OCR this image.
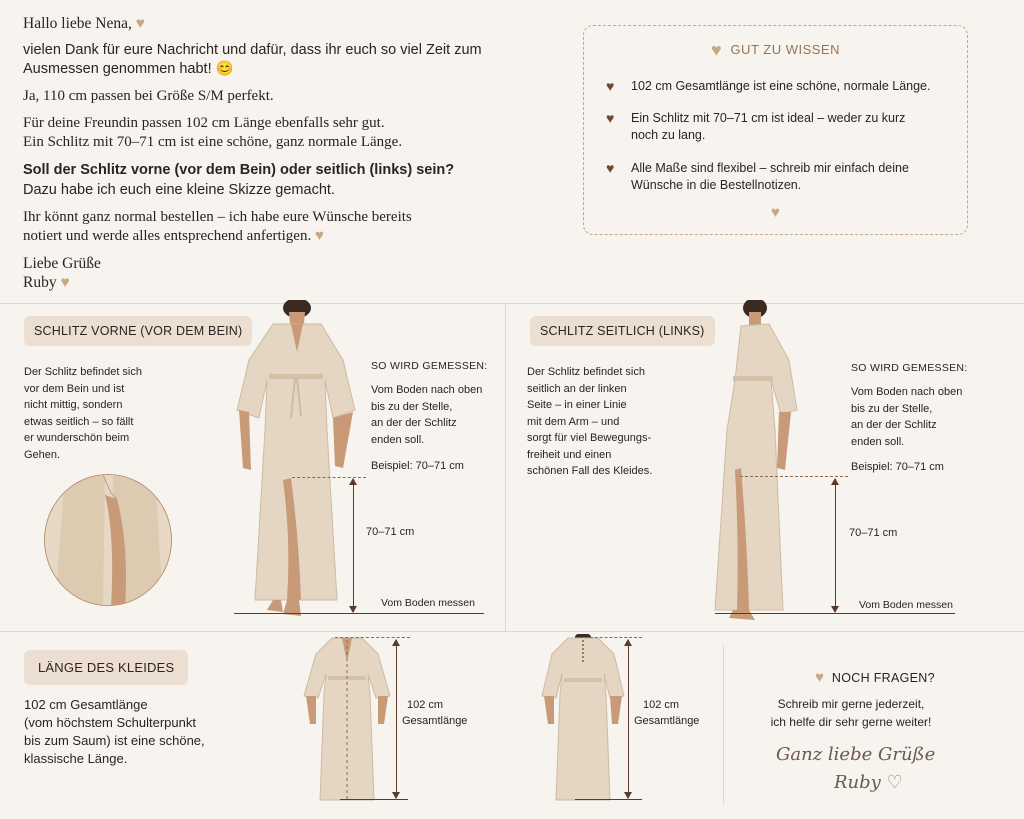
Hallo liebe Nena, ♥

vielen Dank für eure Nachricht und dafür, dass ihr euch so viel Zeit zum Ausmessen genommen habt! 😊

Ja, 110 cm passen bei Größe S/M perfekt.

Für deine Freundin passen 102 cm Länge ebenfalls sehr gut.
Ein Schlitz mit 70–71 cm ist eine schöne, ganz normale Länge.

Soll der Schlitz vorne (vor dem Bein) oder seitlich (links) sein?
Dazu habe ich euch eine kleine Skizze gemacht.

Ihr könnt ganz normal bestellen – ich habe eure Wünsche bereits notiert und werde alles entsprechend anfertigen. ♥

Liebe Grüße
Ruby ♥

♥ GUT ZU WISSEN
♥	102 cm Gesamtlänge ist eine schöne, normale Länge.
♥	Ein Schlitz mit 70–71 cm ist ideal – weder zu kurz noch zu lang.
♥	Alle Maße sind flexibel – schreib mir einfach deine Wünsche in die Bestellnotizen.
♥
SCHLITZ VORNE (VOR DEM BEIN)
Der Schlitz befindet sich
vor dem Bein und ist
nicht mittig, sondern
etwas seitlich – so fällt
er wunderschön beim
Gehen.
SO WIRD GEMESSEN:
Vom Boden nach oben
bis zu der Stelle,
an der der Schlitz
enden soll.
Beispiel: 70–71 cm
70–71 cm
Vom Boden messen
SCHLITZ SEITLICH (LINKS)
Der Schlitz befindet sich
seitlich an der linken
Seite – in einer Linie
mit dem Arm – und
sorgt für viel Bewegungs-
freiheit und einen
schönen Fall des Kleides.
SO WIRD GEMESSEN:
Vom Boden nach oben
bis zu der Stelle,
an der der Schlitz
enden soll.
Beispiel: 70–71 cm
70–71 cm
Vom Boden messen
LÄNGE DES KLEIDES
102 cm Gesamtlänge
(vom höchstem Schulterpunkt
bis zum Saum) ist eine schöne,
klassische Länge.
102 cm
Gesamtlänge
102 cm
Gesamtlänge
♥ NOCH FRAGEN?
Schreib mir gerne jederzeit,
ich helfe dir sehr gerne weiter!
Ganz liebe Grüße
Ruby ♡
